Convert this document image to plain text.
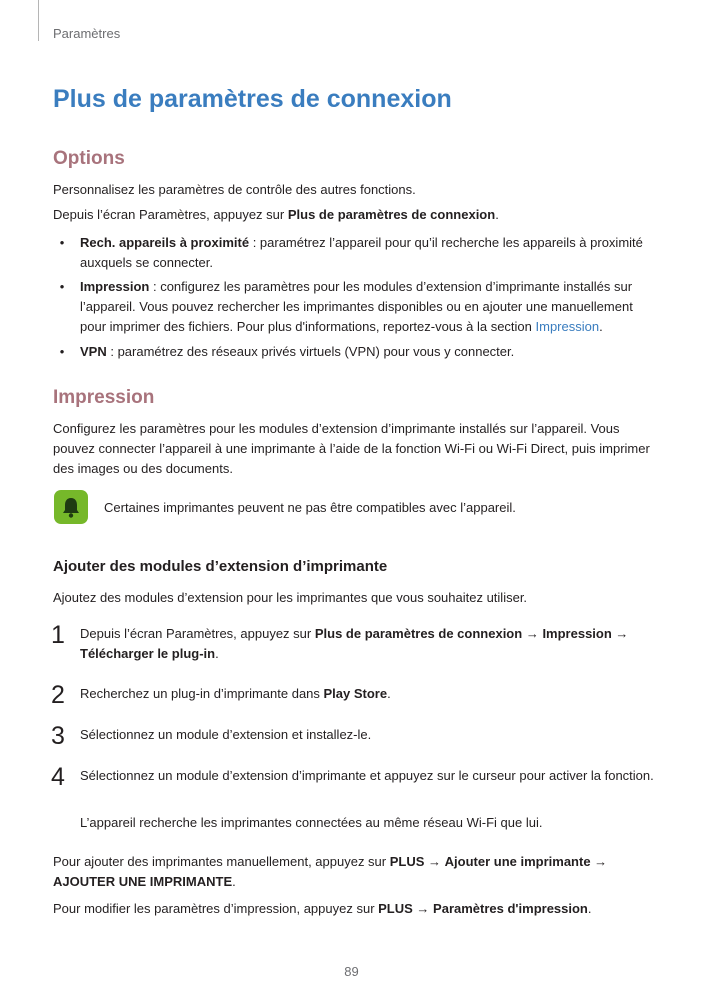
Paramètres
Plus de paramètres de connexion
Options

Personnalisez les paramètres de contrôle des autres fonctions.

Depuis l’écran Paramètres, appuyez sur Plus de paramètres de connexion.

• Rech. appareils à proximité : paramétrez l’appareil pour qu’il recherche les appareils à proximité auxquels se connecter.

• Impression : configurez les paramètres pour les modules d’extension d’imprimante installés sur l’appareil. Vous pouvez rechercher les imprimantes disponibles ou en ajouter une manuellement pour imprimer des fichiers. Pour plus d'informations, reportez-vous à la section Impression.

• VPN : paramétrez des réseaux privés virtuels (VPN) pour vous y connecter.

Impression

Configurez les paramètres pour les modules d’extension d’imprimante installés sur l’appareil. Vous pouvez connecter l’appareil à une imprimante à l’aide de la fonction Wi-Fi ou Wi-Fi Direct, puis imprimer des images ou des documents.

Certaines imprimantes peuvent ne pas être compatibles avec l’appareil.

Ajouter des modules d’extension d’imprimante

Ajoutez des modules d’extension pour les imprimantes que vous souhaitez utiliser.

1 Depuis l’écran Paramètres, appuyez sur Plus de paramètres de connexion → Impression → Télécharger le plug-in.

2 Recherchez un plug-in d’imprimante dans Play Store.

3 Sélectionnez un module d’extension et installez-le.

4 Sélectionnez un module d’extension d’imprimante et appuyez sur le curseur pour activer la fonction.

L’appareil recherche les imprimantes connectées au même réseau Wi-Fi que lui.

Pour ajouter des imprimantes manuellement, appuyez sur PLUS → Ajouter une imprimante → AJOUTER UNE IMPRIMANTE.

Pour modifier les paramètres d’impression, appuyez sur PLUS → Paramètres d'impression.

89
